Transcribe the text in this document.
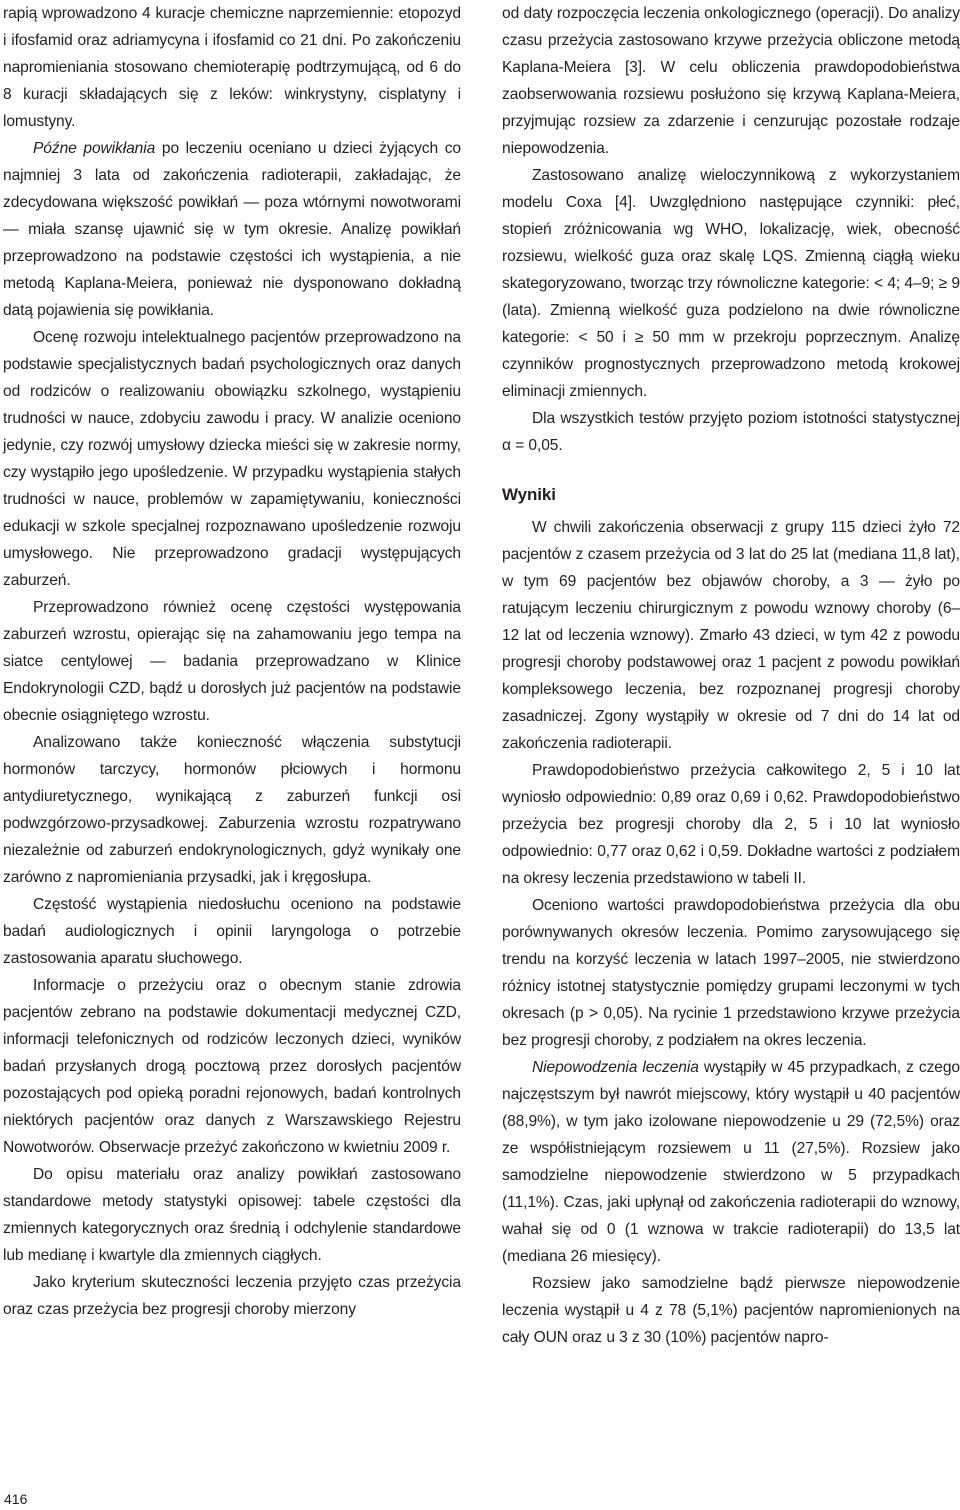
rapią wprowadzono 4 kuracje chemiczne naprzemiennie: etopozyd i ifosfamid oraz adriamycyna i ifosfamid co 21 dni. Po zakończeniu napromieniania stosowano chemioterapię podtrzymującą, od 6 do 8 kuracji składających się z leków: winkrystyny, cisplatyny i lomustyny.

Późne powikłania po leczeniu oceniano u dzieci żyjących co najmniej 3 lata od zakończenia radioterapii, zakładając, że zdecydowana większość powikłań — poza wtórnymi nowotworami — miała szansę ujawnić się w tym okresie. Analizę powikłań przeprowadzono na podstawie częstości ich wystąpienia, a nie metodą Kaplana-Meiera, ponieważ nie dysponowano dokładną datą pojawienia się powikłania.

Ocenę rozwoju intelektualnego pacjentów przeprowadzono na podstawie specjalistycznych badań psychologicznych oraz danych od rodziców o realizowaniu obowiązku szkolnego, wystąpieniu trudności w nauce, zdobyciu zawodu i pracy. W analizie oceniono jedynie, czy rozwój umysłowy dziecka mieści się w zakresie normy, czy wystąpiło jego upośledzenie. W przypadku wystąpienia stałych trudności w nauce, problemów w zapamiętywaniu, konieczności edukacji w szkole specjalnej rozpoznawano upośledzenie rozwoju umysłowego. Nie przeprowadzono gradacji występujących zaburzeń.

Przeprowadzono również ocenę częstości występowania zaburzeń wzrostu, opierając się na zahamowaniu jego tempa na siatce centylowej — badania przeprowadzano w Klinice Endokrynologii CZD, bądź u dorosłych już pacjentów na podstawie obecnie osiągniętego wzrostu.

Analizowano także konieczność włączenia substytucji hormonów tarczycy, hormonów płciowych i hormonu antydiuretycznego, wynikającą z zaburzeń funkcji osi podwzgórzowo-przysadkowej. Zaburzenia wzrostu rozpatrywano niezależnie od zaburzeń endokrynologicznych, gdyż wynikały one zarówno z napromieniania przysadki, jak i kręgosłupa.

Częstość wystąpienia niedosłuchu oceniono na podstawie badań audiologicznych i opinii laryngologa o potrzebie zastosowania aparatu słuchowego.

Informacje o przeżyciu oraz o obecnym stanie zdrowia pacjentów zebrano na podstawie dokumentacji medycznej CZD, informacji telefonicznych od rodziców leczonych dzieci, wyników badań przysłanych drogą pocztową przez dorosłych pacjentów pozostających pod opieką poradni rejonowych, badań kontrolnych niektórych pacjentów oraz danych z Warszawskiego Rejestru Nowotworów. Obserwacje przeżyć zakończono w kwietniu 2009 r.

Do opisu materiału oraz analizy powikłań zastosowano standardowe metody statystyki opisowej: tabele częstości dla zmiennych kategorycznych oraz średnią i odchylenie standardowe lub medianę i kwartyle dla zmiennych ciągłych.

Jako kryterium skuteczności leczenia przyjęto czas przeżycia oraz czas przeżycia bez progresji choroby mierzony

od daty rozpoczęcia leczenia onkologicznego (operacji). Do analizy czasu przeżycia zastosowano krzywe przeżycia obliczone metodą Kaplana-Meiera [3]. W celu obliczenia prawdopodobieństwa zaobserwowania rozsiewu posłużono się krzywą Kaplana-Meiera, przyjmując rozsiew za zdarzenie i cenzurując pozostałe rodzaje niepowodzenia.

Zastosowano analizę wieloczynnikową z wykorzystaniem modelu Coxa [4]. Uwzględniono następujące czynniki: płeć, stopień zróżnicowania wg WHO, lokalizację, wiek, obecność rozsiewu, wielkość guza oraz skalę LQS. Zmienną ciągłą wieku skategoryzowano, tworząc trzy równoliczne kategorie: < 4; 4–9; ≥ 9 (lata). Zmienną wielkość guza podzielono na dwie równoliczne kategorie: < 50 i ≥ 50 mm w przekroju poprzecznym. Analizę czynników prognostycznych przeprowadzono metodą krokowej eliminacji zmiennych.

Dla wszystkich testów przyjęto poziom istotności statystycznej α = 0,05.

Wyniki

W chwili zakończenia obserwacji z grupy 115 dzieci żyło 72 pacjentów z czasem przeżycia od 3 lat do 25 lat (mediana 11,8 lat), w tym 69 pacjentów bez objawów choroby, a 3 — żyło po ratującym leczeniu chirurgicznym z powodu wznowy choroby (6–12 lat od leczenia wznowy). Zmarło 43 dzieci, w tym 42 z powodu progresji choroby podstawowej oraz 1 pacjent z powodu powikłań kompleksowego leczenia, bez rozpoznanej progresji choroby zasadniczej. Zgony wystąpiły w okresie od 7 dni do 14 lat od zakończenia radioterapii.

Prawdopodobieństwo przeżycia całkowitego 2, 5 i 10 lat wyniosło odpowiednio: 0,89 oraz 0,69 i 0,62. Prawdopodobieństwo przeżycia bez progresji choroby dla 2, 5 i 10 lat wyniosło odpowiednio: 0,77 oraz 0,62 i 0,59. Dokładne wartości z podziałem na okresy leczenia przedstawiono w tabeli II.

Oceniono wartości prawdopodobieństwa przeżycia dla obu porównywanych okresów leczenia. Pomimo zarysowującego się trendu na korzyść leczenia w latach 1997–2005, nie stwierdzono różnicy istotnej statystycznie pomiędzy grupami leczonymi w tych okresach (p > 0,05). Na rycinie 1 przedstawiono krzywe przeżycia bez progresji choroby, z podziałem na okres leczenia.

Niepowodzenia leczenia wystąpiły w 45 przypadkach, z czego najczęstszym był nawrót miejscowy, który wystąpił u 40 pacjentów (88,9%), w tym jako izolowane niepowodzenie u 29 (72,5%) oraz ze współistniejącym rozsiewem u 11 (27,5%). Rozsiew jako samodzielne niepowodzenie stwierdzono w 5 przypadkach (11,1%). Czas, jaki upłynął od zakończenia radioterapii do wznowy, wahał się od 0 (1 wznowa w trakcie radioterapii) do 13,5 lat (mediana 26 miesięcy).

Rozsiew jako samodzielne bądź pierwsze niepowodzenie leczenia wystąpił u 4 z 78 (5,1%) pacjentów napromienionych na cały OUN oraz u 3 z 30 (10%) pacjentów napro-

416
